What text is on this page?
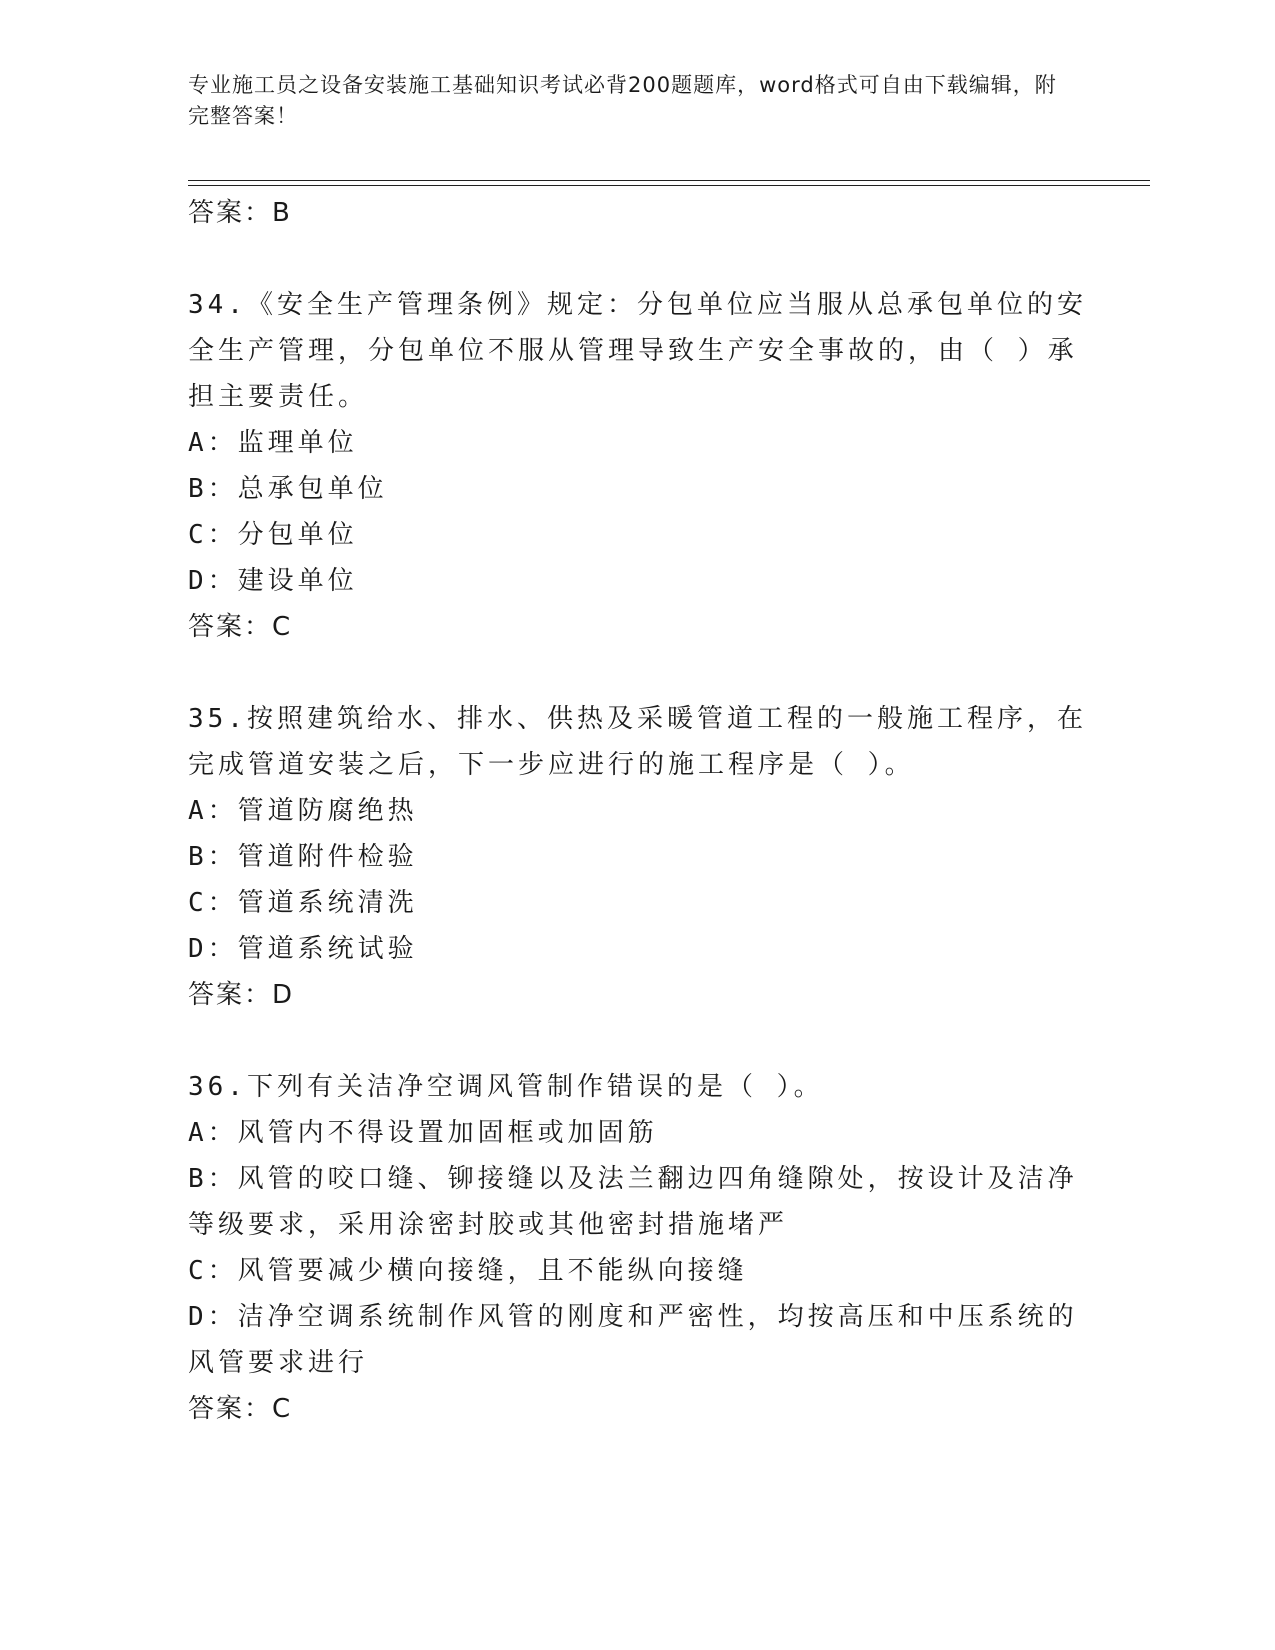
专业施工员之设备安装施工基础知识考试必背200题题库，word格式可自由下载编辑，附完整答案！
答案：B
34.《安全生产管理条例》规定：分包单位应当服从总承包单位的安全生产管理，分包单位不服从管理导致生产安全事故的，由（ ）承担主要责任。
A：监理单位
B：总承包单位
C：分包单位
D：建设单位
答案：C
35.按照建筑给水、排水、供热及采暖管道工程的一般施工程序，在完成管道安装之后，下一步应进行的施工程序是（ ）。
A：管道防腐绝热
B：管道附件检验
C：管道系统清洗
D：管道系统试验
答案：D
36.下列有关洁净空调风管制作错误的是（ ）。
A：风管内不得设置加固框或加固筋
B：风管的咬口缝、铆接缝以及法兰翻边四角缝隙处，按设计及洁净等级要求，采用涂密封胶或其他密封措施堵严
C：风管要减少横向接缝，且不能纵向接缝
D：洁净空调系统制作风管的刚度和严密性，均按高压和中压系统的风管要求进行
答案：C
